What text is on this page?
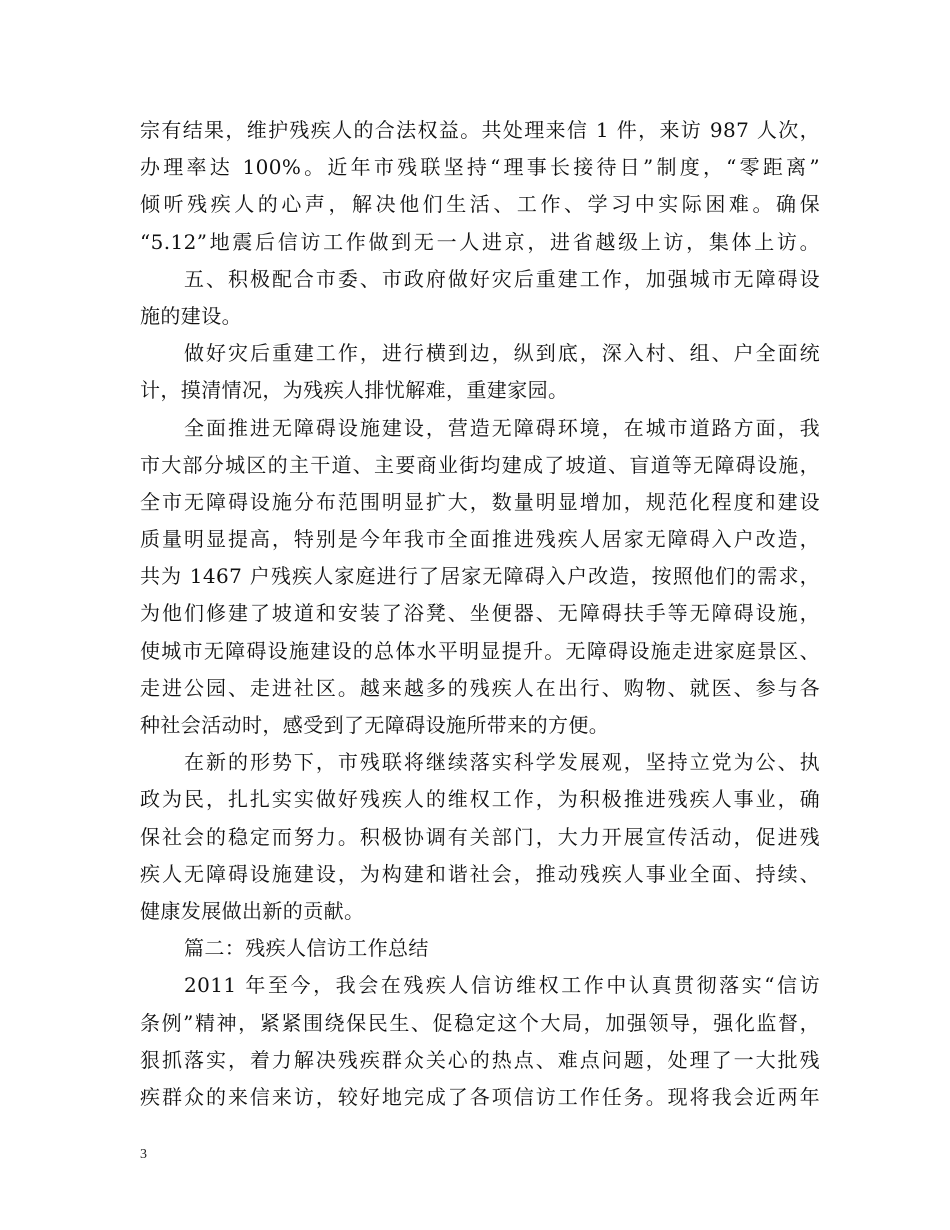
宗有结果，维护残疾人的合法权益。共处理来信 1 件，来访 987 人次，
办理率达 100%。近年市残联坚持“理事长接待日”制度，“零距离”
倾听残疾人的心声，解决他们生活、工作、学习中实际困难。确保
“5.12”地震后信访工作做到无一人进京，进省越级上访，集体上访。
五、积极配合市委、市政府做好灾后重建工作，加强城市无障碍设
施的建设。
做好灾后重建工作，进行横到边，纵到底，深入村、组、户全面统
计，摸清情况，为残疾人排忧解难，重建家园。
全面推进无障碍设施建设，营造无障碍环境，在城市道路方面，我
市大部分城区的主干道、主要商业街均建成了坡道、盲道等无障碍设施，
全市无障碍设施分布范围明显扩大，数量明显增加，规范化程度和建设
质量明显提高，特别是今年我市全面推进残疾人居家无障碍入户改造，
共为 1467 户残疾人家庭进行了居家无障碍入户改造，按照他们的需求，
为他们修建了坡道和安装了浴凳、坐便器、无障碍扶手等无障碍设施，
使城市无障碍设施建设的总体水平明显提升。无障碍设施走进家庭景区、
走进公园、走进社区。越来越多的残疾人在出行、购物、就医、参与各
种社会活动时，感受到了无障碍设施所带来的方便。
在新的形势下，市残联将继续落实科学发展观，坚持立党为公、执
政为民，扎扎实实做好残疾人的维权工作，为积极推进残疾人事业，确
保社会的稳定而努力。积极协调有关部门，大力开展宣传活动，促进残
疾人无障碍设施建设，为构建和谐社会，推动残疾人事业全面、持续、
健康发展做出新的贡献。
篇二：残疾人信访工作总结
2011 年至今，我会在残疾人信访维权工作中认真贯彻落实“信访
条例”精神，紧紧围绕保民生、促稳定这个大局，加强领导，强化监督，
狠抓落实，着力解决残疾群众关心的热点、难点问题，处理了一大批残
疾群众的来信来访，较好地完成了各项信访工作任务。现将我会近两年
3
